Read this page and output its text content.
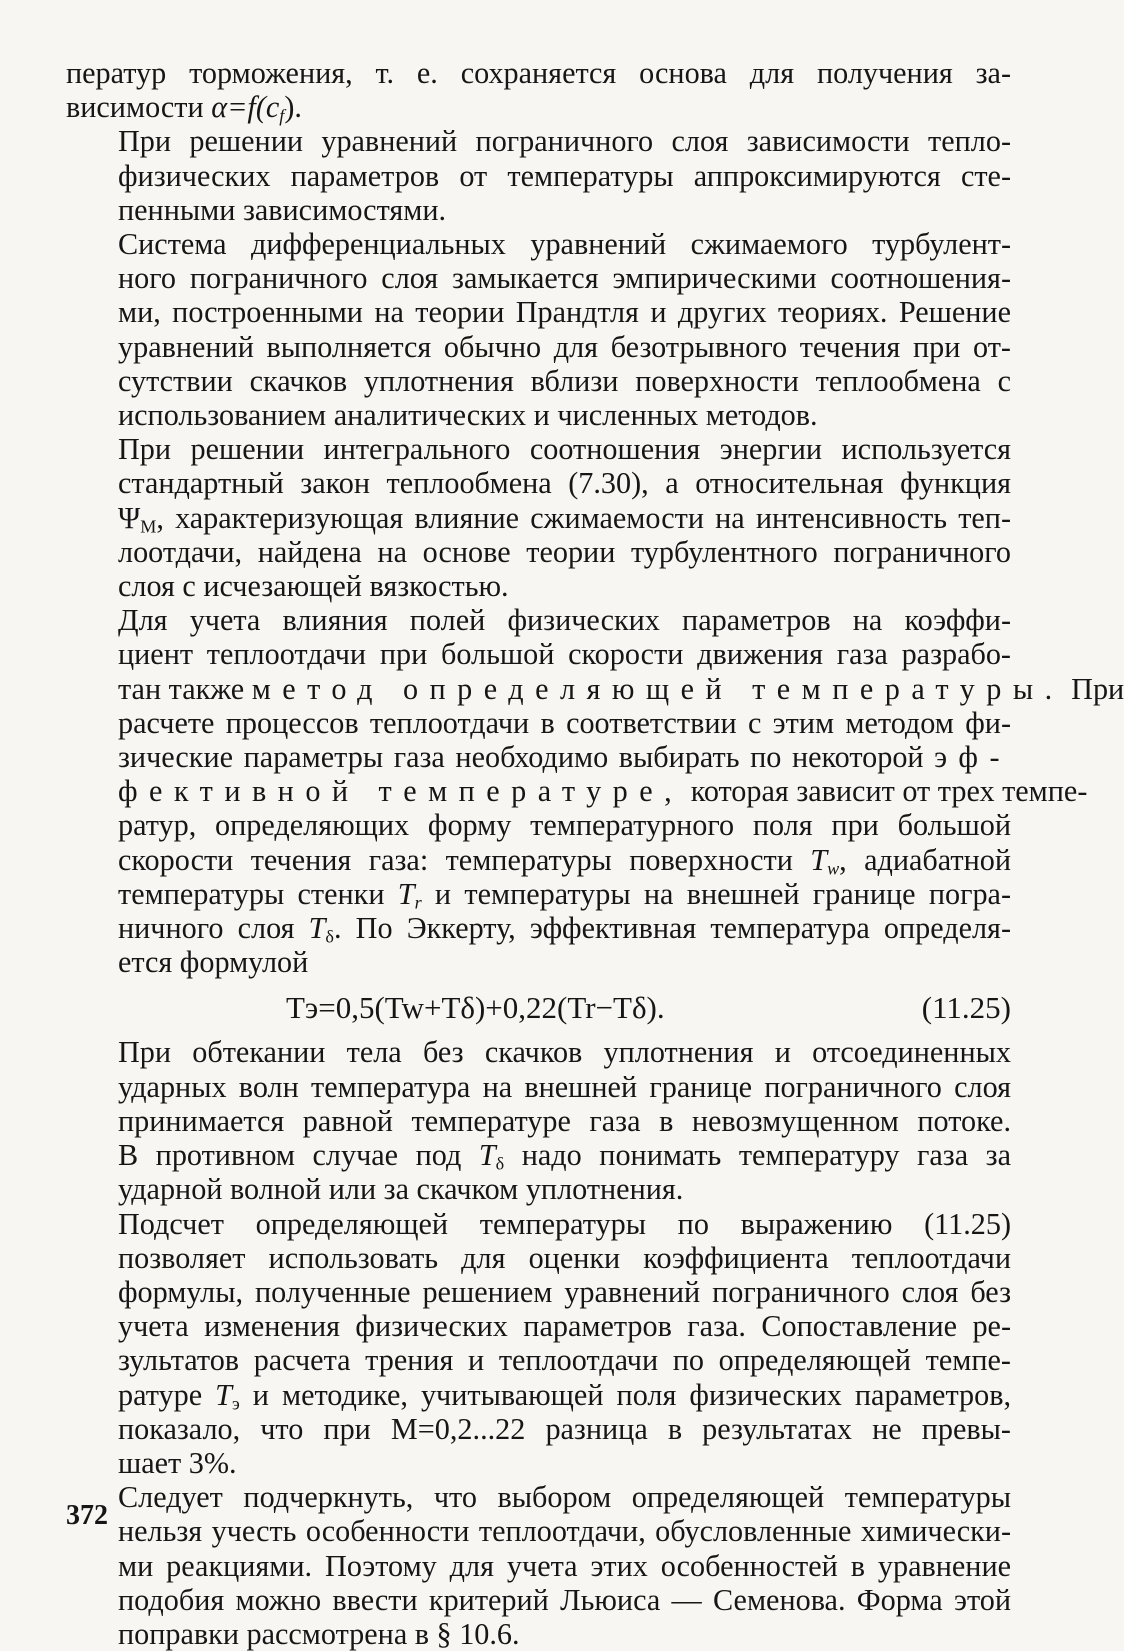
ператур торможения, т. е. сохраняется основа для получения за-
висимости $\alpha=f(c_f)$.

При решении уравнений пограничного слоя зависимости тепло-
физических параметров от температуры аппроксимируются сте-
пенными зависимостями.

Система дифференциальных уравнений сжимаемого турбулент-
ного пограничного слоя замыкается эмпирическими соотношения-
ми, построенными на теории Прандтля и других теориях. Решение
уравнений выполняется обычно для безотрывного течения при от-
сутствии скачков уплотнения вблизи поверхности теплообмена с
использованием аналитических и численных методов.

При решении интегрального соотношения энергии используется
стандартный закон теплообмена (7.30), а относительная функция
$\Psi_М$, характеризующая влияние сжимаемости на интенсивность теп-
лоотдачи, найдена на основе теории турбулентного пограничного
слоя с исчезающей вязкостью.

Для учета влияния полей физических параметров на коэффи-
циент теплоотдачи при большой скорости движения газа разрабо-
тан также метод определяющей температуры. При
расчете процессов теплоотдачи в соответствии с этим методом фи-
зические параметры газа необходимо выбирать по некоторой эф-
фективной температуре, которая зависит от трех темпе-
ратур, определяющих форму температурного поля при большой
скорости течения газа: температуры поверхности $T_w$, адиабатной
температуры стенки $T_r$ и температуры на внешней границе погра-
ничного слоя $T_\delta$. По Эккерту, эффективная температура определя-
ется формулой

Tэ=0,5(Tw+Tδ)+0,22(Tr−Tδ).	(11.25)

При обтекании тела без скачков уплотнения и отсоединенных
ударных волн температура на внешней границе пограничного слоя
принимается равной температуре газа в невозмущенном потоке.
В противном случае под $T_\delta$ надо понимать температуру газа за
ударной волной или за скачком уплотнения.

Подсчет определяющей температуры по выражению (11.25)
позволяет использовать для оценки коэффициента теплоотдачи
формулы, полученные решением уравнений пограничного слоя без
учета изменения физических параметров газа. Сопоставление ре-
зультатов расчета трения и теплоотдачи по определяющей темпе-
ратуре $T_э$ и методике, учитывающей поля физических параметров,
показало, что при М=0,2...22 разница в результатах не превы-
шает 3%.

Следует подчеркнуть, что выбором определяющей температуры
нельзя учесть особенности теплоотдачи, обусловленные химически-
ми реакциями. Поэтому для учета этих особенностей в уравнение
подобия можно ввести критерий Льюиса — Семенова. Форма этой
поправки рассмотрена в § 10.6.

372
